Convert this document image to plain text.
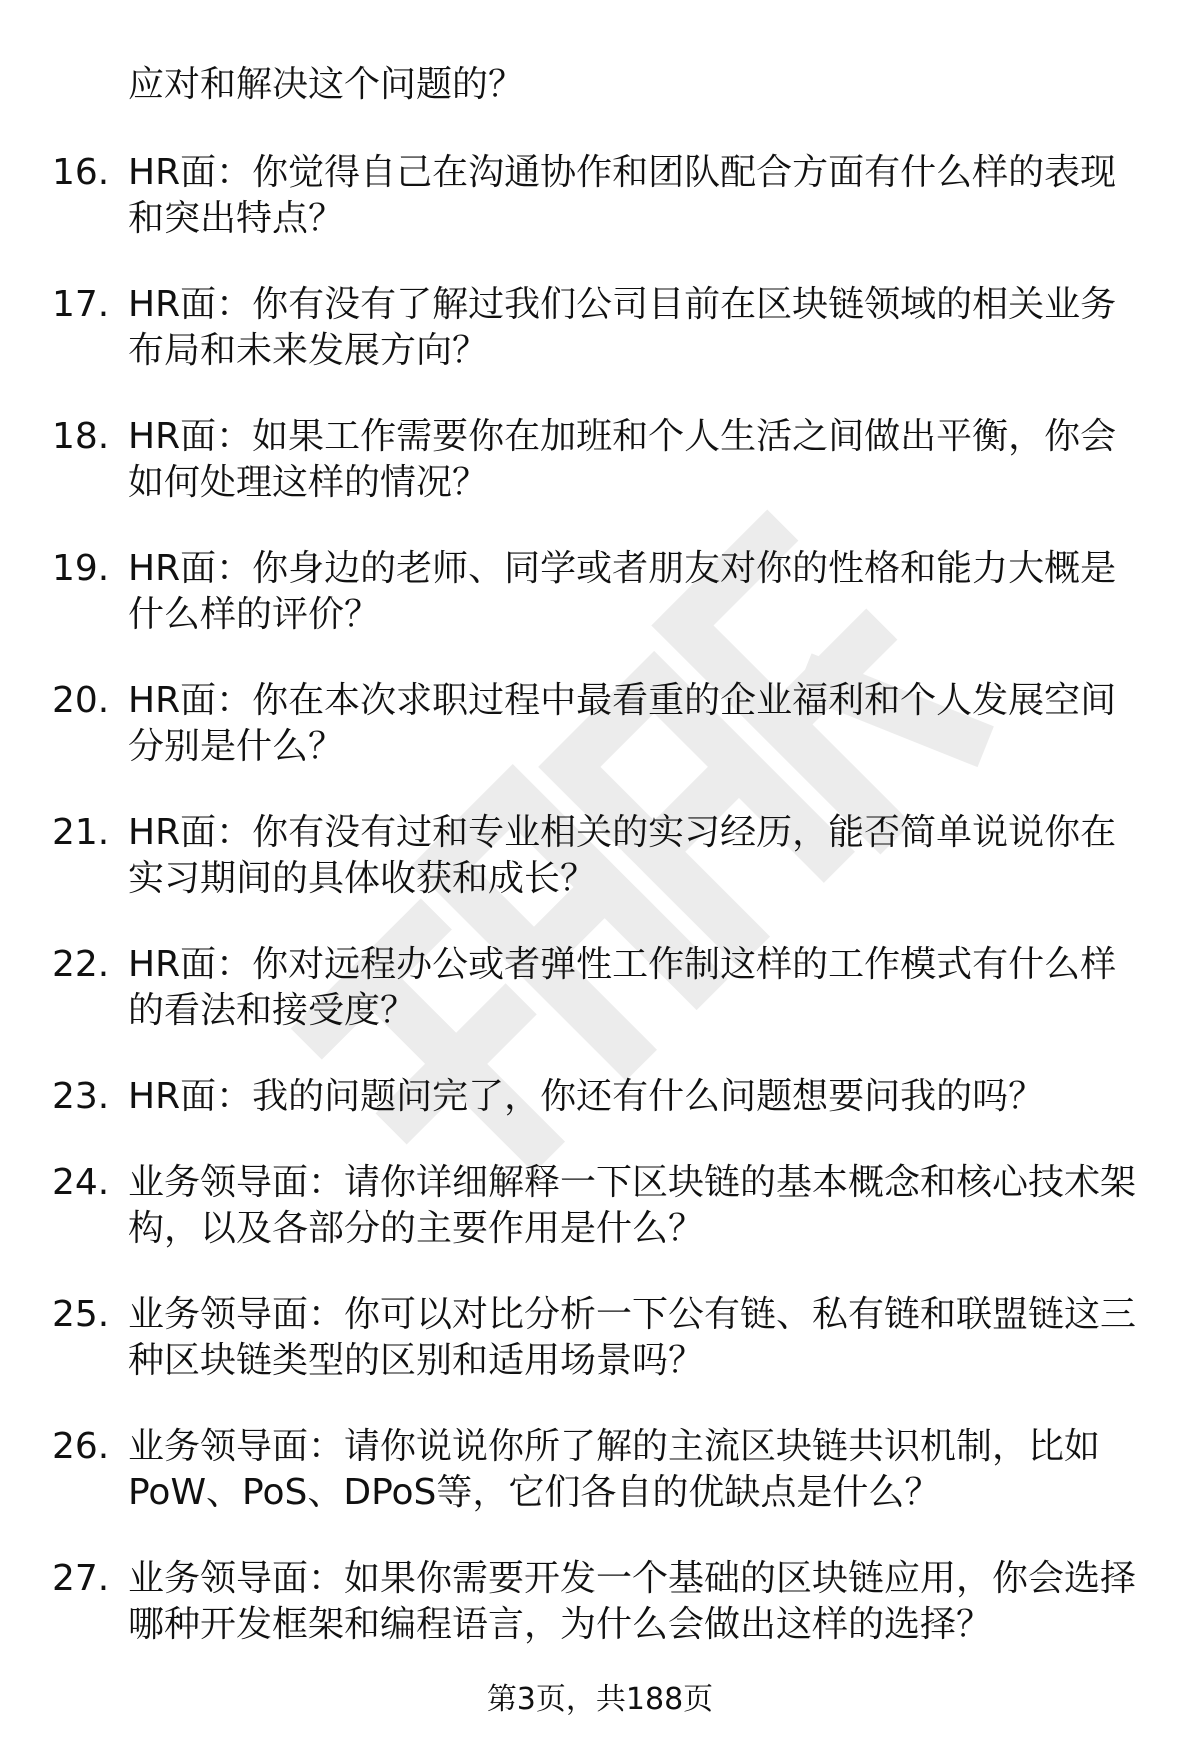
应对和解决这个问题的？

16. HR面：你觉得自己在沟通协作和团队配合方面有什么样的表现和突出特点？
17. HR面：你有没有了解过我们公司目前在区块链领域的相关业务布局和未来发展方向？
18. HR面：如果工作需要你在加班和个人生活之间做出平衡，你会如何处理这样的情况？
19. HR面：你身边的老师、同学或者朋友对你的性格和能力大概是什么样的评价？
20. HR面：你在本次求职过程中最看重的企业福利和个人发展空间分别是什么？
21. HR面：你有没有过和专业相关的实习经历，能否简单说说你在实习期间的具体收获和成长？
22. HR面：你对远程办公或者弹性工作制这样的工作模式有什么样的看法和接受度？
23. HR面：我的问题问完了，你还有什么问题想要问我的吗？
24. 业务领导面：请你详细解释一下区块链的基本概念和核心技术架构，以及各部分的主要作用是什么？
25. 业务领导面：你可以对比分析一下公有链、私有链和联盟链这三种区块链类型的区别和适用场景吗？
26. 业务领导面：请你说说你所了解的主流区块链共识机制，比如PoW、PoS、DPoS等，它们各自的优缺点是什么？
27. 业务领导面：如果你需要开发一个基础的区块链应用，你会选择哪种开发框架和编程语言，为什么会做出这样的选择？
第3页，共188页
